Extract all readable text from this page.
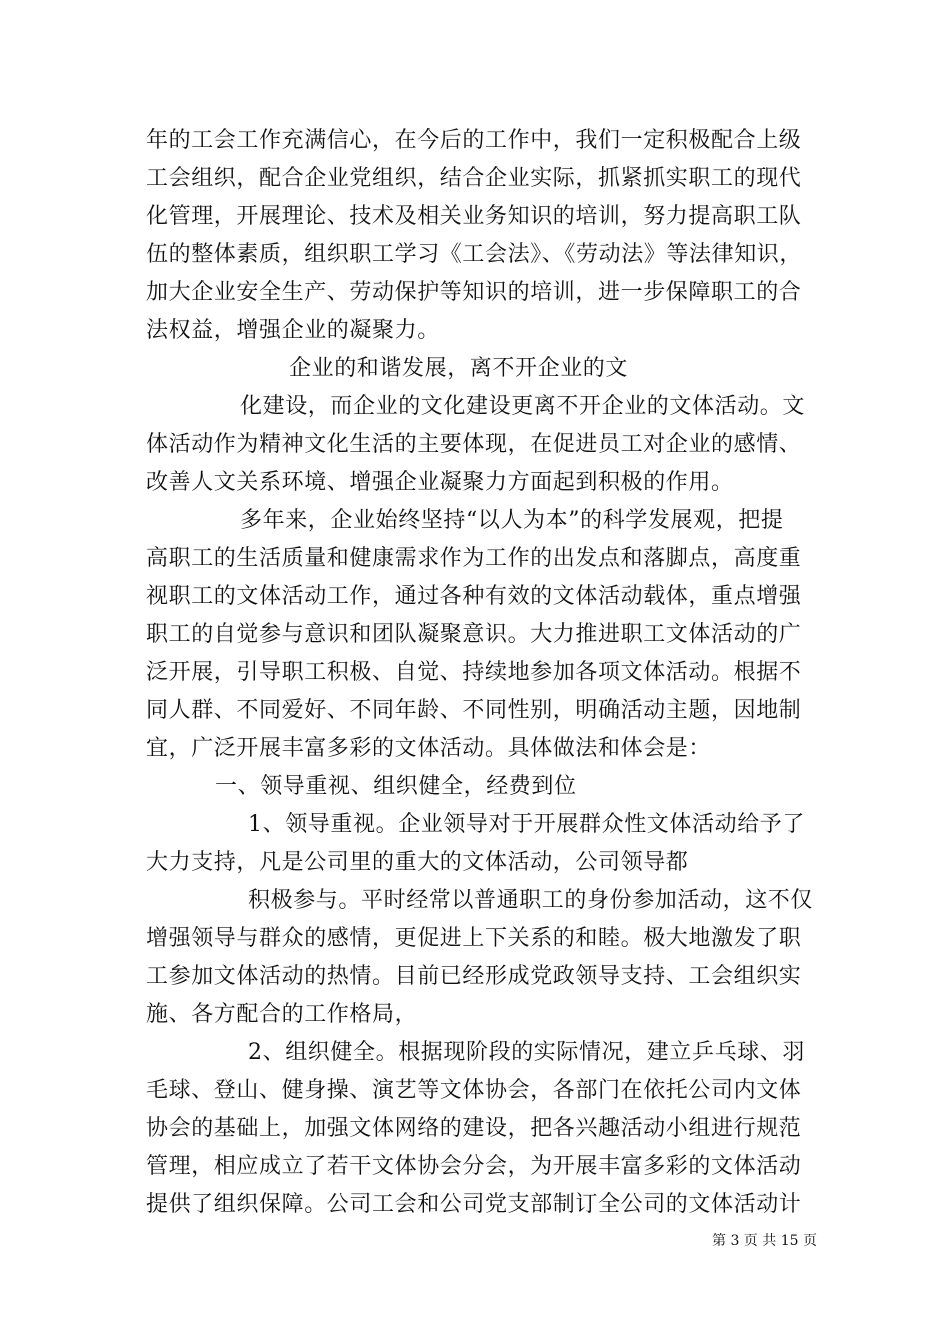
年的工会工作充满信心，在今后的工作中，我们一定积极配合上级
工会组织，配合企业党组织，结合企业实际，抓紧抓实职工的现代
化管理，开展理论、技术及相关业务知识的培训，努力提高职工队
伍的整体素质，组织职工学习《工会法》、《劳动法》等法律知识，
加大企业安全生产、劳动保护等知识的培训，进一步保障职工的合
法权益，增强企业的凝聚力。
企业的和谐发展，离不开企业的文
化建设，而企业的文化建设更离不开企业的文体活动。文
体活动作为精神文化生活的主要体现，在促进员工对企业的感情、
改善人文关系环境、增强企业凝聚力方面起到积极的作用。
多年来，企业始终坚持“以人为本”的科学发展观，把提
高职工的生活质量和健康需求作为工作的出发点和落脚点，高度重
视职工的文体活动工作，通过各种有效的文体活动载体，重点增强
职工的自觉参与意识和团队凝聚意识。大力推进职工文体活动的广
泛开展，引导职工积极、自觉、持续地参加各项文体活动。根据不
同人群、不同爱好、不同年龄、不同性别，明确活动主题，因地制
宜，广泛开展丰富多彩的文体活动。具体做法和体会是：
一、领导重视、组织健全，经费到位
1、领导重视。企业领导对于开展群众性文体活动给予了
大力支持，凡是公司里的重大的文体活动，公司领导都
积极参与。平时经常以普通职工的身份参加活动，这不仅
增强领导与群众的感情，更促进上下关系的和睦。极大地激发了职
工参加文体活动的热情。目前已经形成党政领导支持、工会组织实
施、各方配合的工作格局，
2、组织健全。根据现阶段的实际情况，建立乒乓球、羽
毛球、登山、健身操、演艺等文体协会，各部门在依托公司内文体
协会的基础上，加强文体网络的建设，把各兴趣活动小组进行规范
管理，相应成立了若干文体协会分会，为开展丰富多彩的文体活动
提供了组织保障。公司工会和公司党支部制订全公司的文体活动计
第 3 页 共 15 页
